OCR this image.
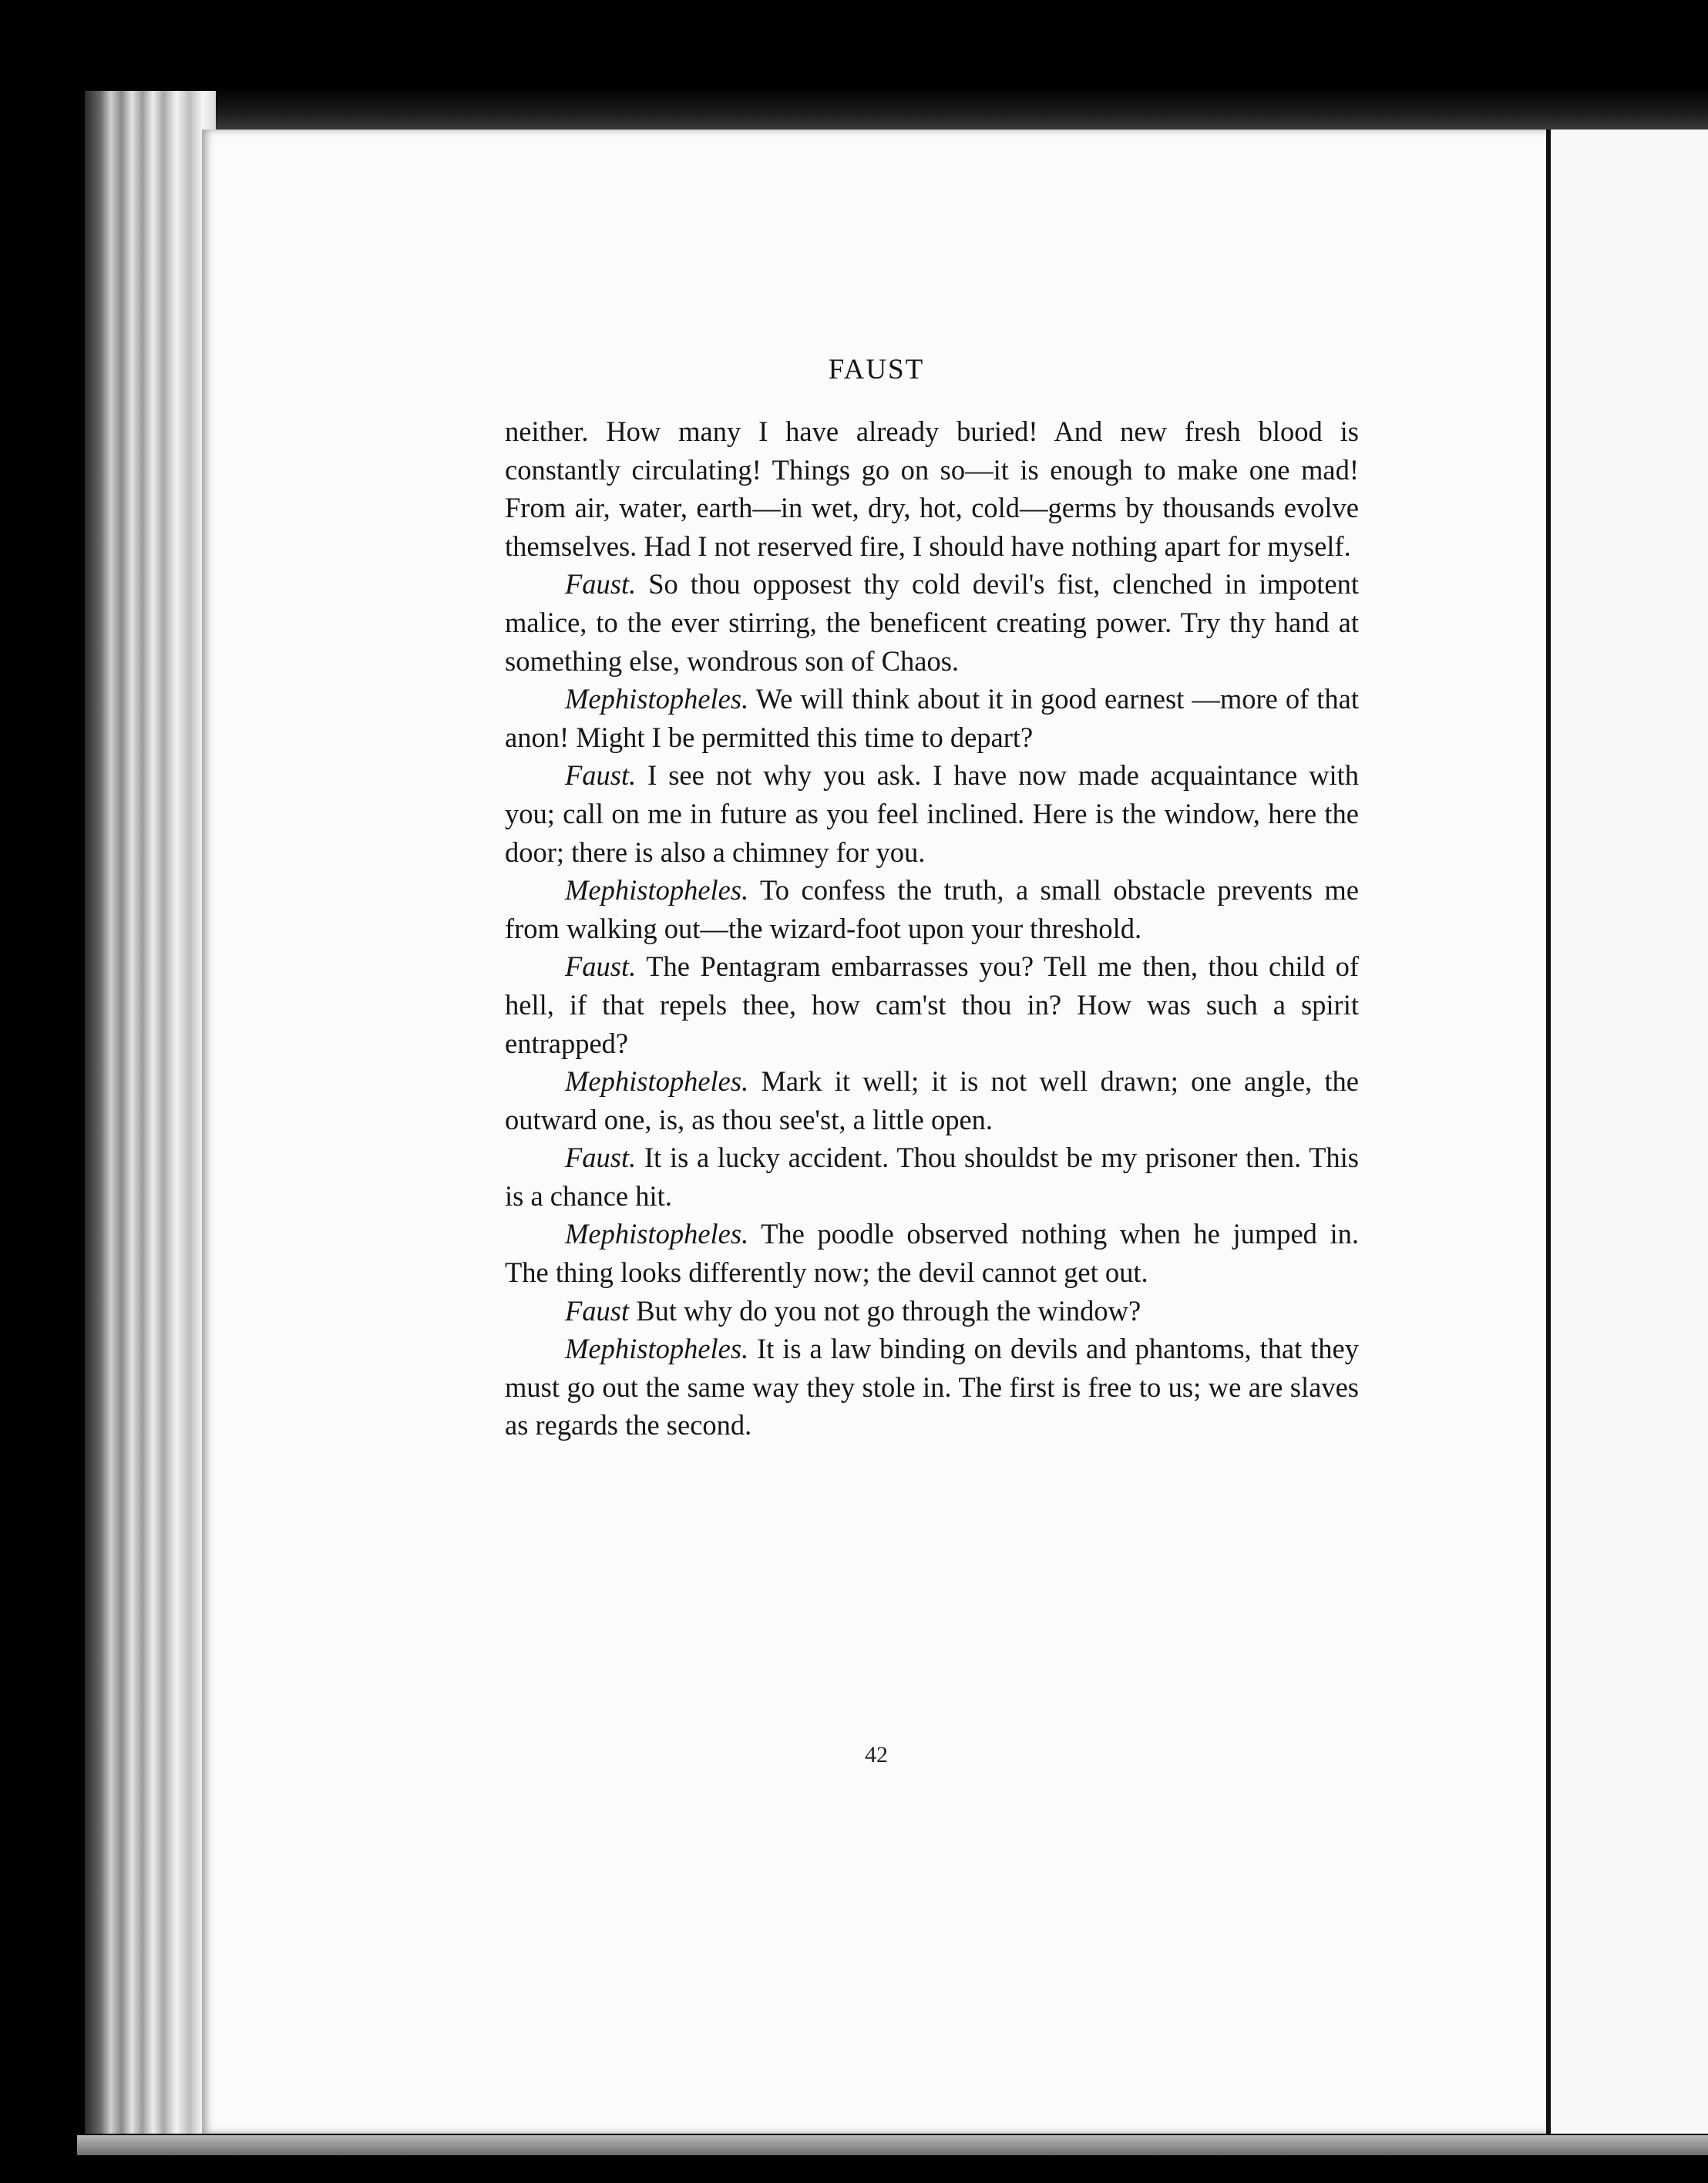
FAUST

neither. How many I have already buried! And new fresh blood is constantly circulating! Things go on so—it is enough to make one mad! From air, water, earth—in wet, dry, hot, cold—germs by thousands evolve themselves. Had I not reserved fire, I should have nothing apart for myself.

Faust. So thou opposest thy cold devil's fist, clenched in impotent malice, to the ever stirring, the beneficent creating power. Try thy hand at something else, wondrous son of Chaos.

Mephistopheles. We will think about it in good earnest —more of that anon! Might I be permitted this time to depart?

Faust. I see not why you ask. I have now made acquaintance with you; call on me in future as you feel inclined. Here is the window, here the door; there is also a chimney for you.

Mephistopheles. To confess the truth, a small obstacle prevents me from walking out—the wizard-foot upon your threshold.

Faust. The Pentagram embarrasses you? Tell me then, thou child of hell, if that repels thee, how cam'st thou in? How was such a spirit entrapped?

Mephistopheles. Mark it well; it is not well drawn; one angle, the outward one, is, as thou see'st, a little open.

Faust. It is a lucky accident. Thou shouldst be my prisoner then. This is a chance hit.

Mephistopheles. The poodle observed nothing when he jumped in. The thing looks differently now; the devil cannot get out.

Faust But why do you not go through the window?

Mephistopheles. It is a law binding on devils and phantoms, that they must go out the same way they stole in. The first is free to us; we are slaves as regards the second.

42
